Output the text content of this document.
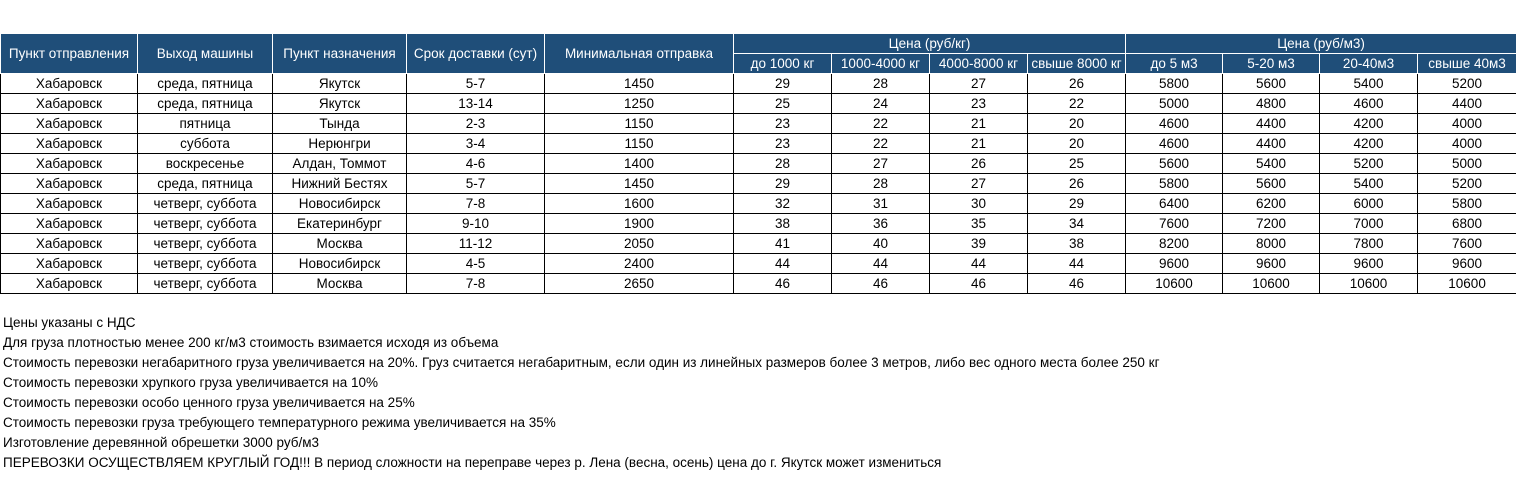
Пункт отправления	Выход машины	Пункт назначения	Срок доставки (сут)	Минимальная отправка	Цена (руб/кг)				Цена (руб/м3)			
					до 1000 кг	1000-4000 кг	4000-8000 кг	свыше 8000 кг	до 5 м3	5-20 м3	20-40м3	свыше 40м3
Хабаровск	среда, пятница	Якутск	5-7	1450	29	28	27	26	5800	5600	5400	5200
Хабаровск	среда, пятница	Якутск	13-14	1250	25	24	23	22	5000	4800	4600	4400
Хабаровск	пятница	Тында	2-3	1150	23	22	21	20	4600	4400	4200	4000
Хабаровск	суббота	Нерюнгри	3-4	1150	23	22	21	20	4600	4400	4200	4000
Хабаровск	воскресенье	Алдан, Томмот	4-6	1400	28	27	26	25	5600	5400	5200	5000
Хабаровск	среда, пятница	Нижний Бестях	5-7	1450	29	28	27	26	5800	5600	5400	5200
Хабаровск	четверг, суббота	Новосибирск	7-8	1600	32	31	30	29	6400	6200	6000	5800
Хабаровск	четверг, суббота	Екатеринбург	9-10	1900	38	36	35	34	7600	7200	7000	6800
Хабаровск	четверг, суббота	Москва	11-12	2050	41	40	39	38	8200	8000	7800	7600
Хабаровск	четверг, суббота	Новосибирск	4-5	2400	44	44	44	44	9600	9600	9600	9600
Хабаровск	четверг, суббота	Москва	7-8	2650	46	46	46	46	10600	10600	10600	10600
Цены указаны с НДС
Для груза плотностью менее 200 кг/м3 стоимость взимается исходя из объема
Стоимость перевозки негабаритного груза увеличивается на 20%. Груз считается негабаритным, если один из линейных размеров более 3 метров, либо вес одного места более 250 кг
Стоимость перевозки хрупкого груза увеличивается на 10%
Стоимость перевозки особо ценного груза увеличивается на 25%
Стоимость перевозки груза требующего температурного режима увеличивается на 35%
Изготовление деревянной обрешетки 3000 руб/м3
ПЕРЕВОЗКИ ОСУЩЕСТВЛЯЕМ КРУГЛЫЙ ГОД!!! В период сложности на переправе через р. Лена (весна, осень) цена до г. Якутск может измениться
